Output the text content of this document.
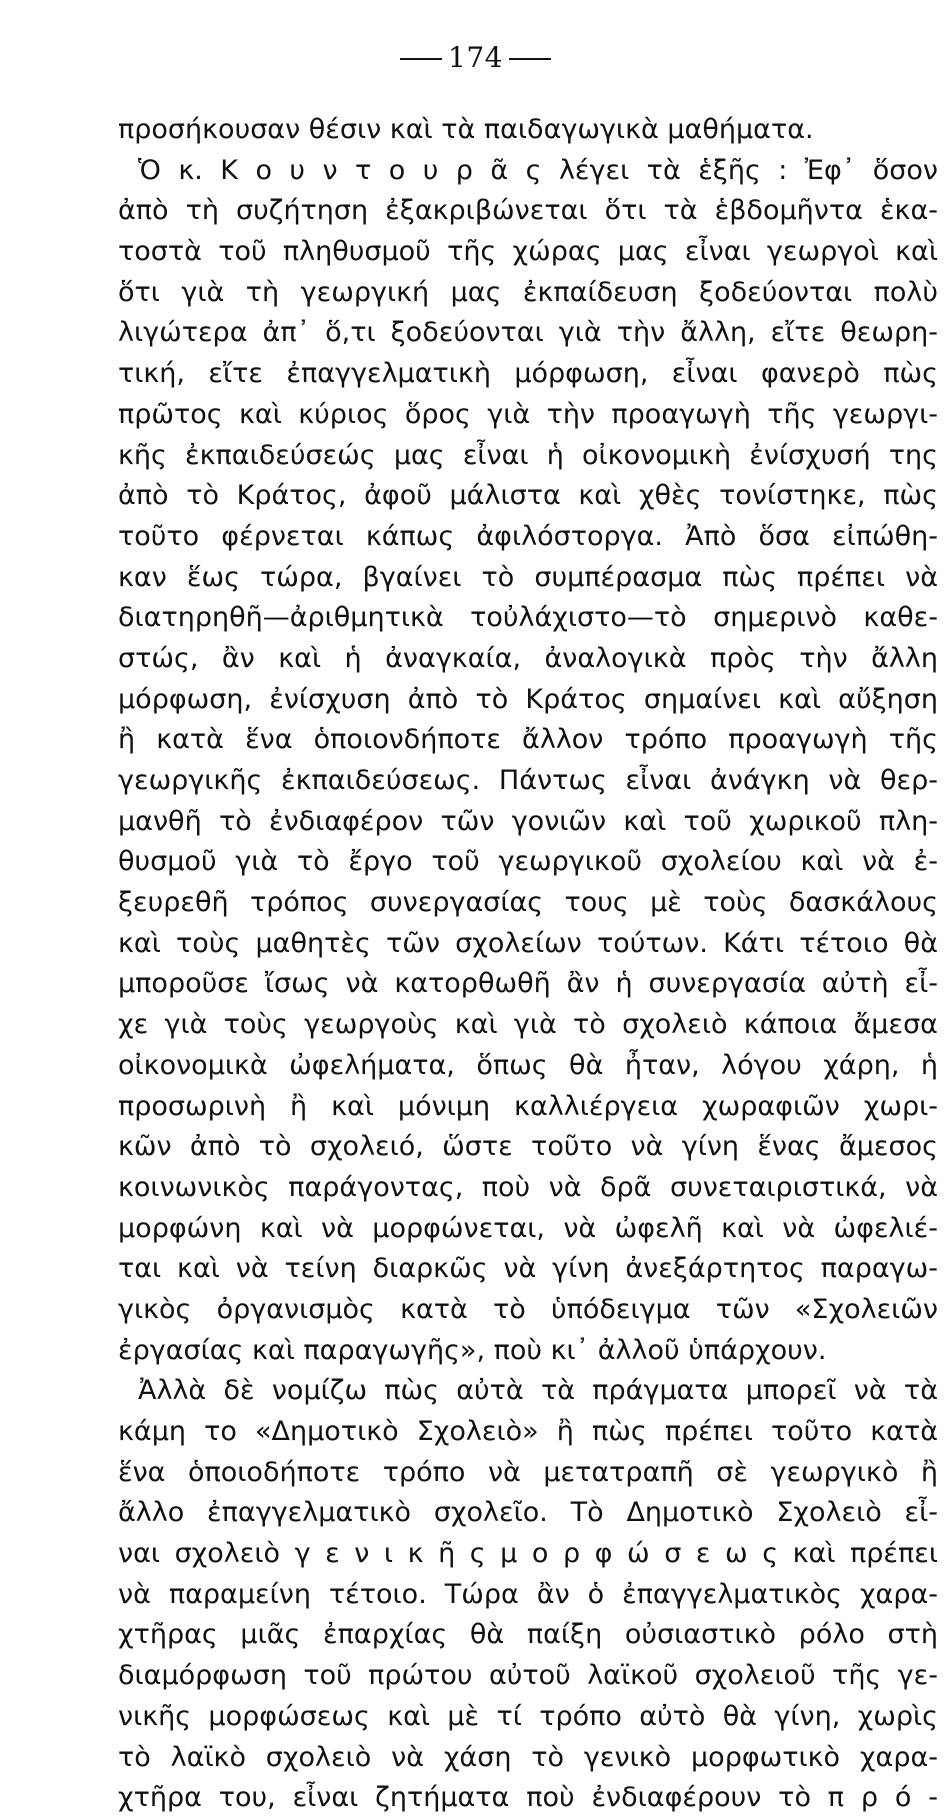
174
προσήκουσαν θέσιν καὶ τὰ παιδαγωγικὰ μαθήματα.
Ὁ κ. Κ ο υ ν τ ο υ ρ ᾶ ς λέγει τὰ ἑξῆς : Ἐφ᾽ ὅσον
ἀπὸ τὴ συζήτηση ἐξακριβώνεται ὅτι τὰ ἑβδομῆντα ἑκα-
τοστὰ τοῦ πληθυσμοῦ τῆς χώρας μας εἶναι γεωργοὶ καὶ
ὅτι γιὰ τὴ γεωργική μας ἐκπαίδευση ξοδεύονται πολὺ
λιγώτερα ἀπ᾽ ὅ,τι ξοδεύονται γιὰ τὴν ἄλλη, εἴτε θεωρη-
τική, εἴτε ἐπαγγελματικὴ μόρφωση, εἶναι φανερὸ πὼς
πρῶτος καὶ κύριος ὅρος γιὰ τὴν προαγωγὴ τῆς γεωργι-
κῆς ἐκπαιδεύσεώς μας εἶναι ἡ οἰκονομικὴ ἐνίσχυσή της
ἀπὸ τὸ Κράτος, ἀφοῦ μάλιστα καὶ χθὲς τονίστηκε, πὼς
τοῦτο φέρνεται κάπως ἀφιλόστοργα. Ἀπὸ ὅσα εἰπώθη-
καν ἕως τώρα, βγαίνει τὸ συμπέρασμα πὼς πρέπει νὰ
διατηρηθῆ—ἀριθμητικὰ τοὐλάχιστο—τὸ σημερινὸ καθε-
στώς, ἂν καὶ ἡ ἀναγκαία, ἀναλογικὰ πρὸς τὴν ἄλλη
μόρφωση, ἐνίσχυση ἀπὸ τὸ Κράτος σημαίνει καὶ αὔξηση
ἢ κατὰ ἕνα ὁποιονδήποτε ἄλλον τρόπο προαγωγὴ τῆς
γεωργικῆς ἐκπαιδεύσεως. Πάντως εἶναι ἀνάγκη νὰ θερ-
μανθῆ τὸ ἐνδιαφέρον τῶν γονιῶν καὶ τοῦ χωρικοῦ πλη-
θυσμοῦ γιὰ τὸ ἔργο τοῦ γεωργικοῦ σχολείου καὶ νὰ ἐ-
ξευρεθῆ τρόπος συνεργασίας τους μὲ τοὺς δασκάλους
καὶ τοὺς μαθητὲς τῶν σχολείων τούτων. Κάτι τέτοιο θὰ
μποροῦσε ἴσως νὰ κατορθωθῆ ἂν ἡ συνεργασία αὐτὴ εἶ-
χε γιὰ τοὺς γεωργοὺς καὶ γιὰ τὸ σχολειὸ κάποια ἄμεσα
οἰκονομικὰ ὠφελήματα, ὅπως θὰ ἦταν, λόγου χάρη, ἡ
προσωρινὴ ἢ καὶ μόνιμη καλλιέργεια χωραφιῶν χωρι-
κῶν ἀπὸ τὸ σχολειό, ὥστε τοῦτο νὰ γίνη ἕνας ἄμεσος
κοινωνικὸς παράγοντας, ποὺ νὰ δρᾶ συνεταιριστικά, νὰ
μορφώνη καὶ νὰ μορφώνεται, νὰ ὠφελῆ καὶ νὰ ὠφελιέ-
ται καὶ νὰ τείνη διαρκῶς νὰ γίνη ἀνεξάρτητος παραγω-
γικὸς ὀργανισμὸς κατὰ τὸ ὑπόδειγμα τῶν «Σχολειῶν
ἐργασίας καὶ παραγωγῆς», ποὺ κι᾽ ἀλλοῦ ὑπάρχουν.
Ἀλλὰ δὲ νομίζω πὼς αὐτὰ τὰ πράγματα μπορεῖ νὰ τὰ
κάμη το «Δημοτικὸ Σχολειὸ» ἢ πὼς πρέπει τοῦτο κατὰ
ἕνα ὁποιοδήποτε τρόπο νὰ μετατραπῆ σὲ γεωργικὸ ἢ
ἄλλο ἐπαγγελματικὸ σχολεῖο. Τὸ Δημοτικὸ Σχολειὸ εἶ-
ναι σχολειὸ γ ε ν ι κ ῆ ς μ ο ρ φ ώ σ ε ω ς καὶ πρέπει
νὰ παραμείνη τέτοιο. Τώρα ἂν ὁ ἐπαγγελματικὸς χαρα-
χτῆρας μιᾶς ἐπαρχίας θὰ παίξη οὐσιαστικὸ ρόλο στὴ
διαμόρφωση τοῦ πρώτου αὐτοῦ λαϊκοῦ σχολειοῦ τῆς γε-
νικῆς μορφώσεως καὶ μὲ τί τρόπο αὐτὸ θὰ γίνη, χωρὶς
τὸ λαϊκὸ σχολειὸ νὰ χάση τὸ γενικὸ μορφωτικὸ χαρα-
χτῆρα του, εἶναι ζητήματα ποὺ ἐνδιαφέρουν τὸ π ρ ό -
